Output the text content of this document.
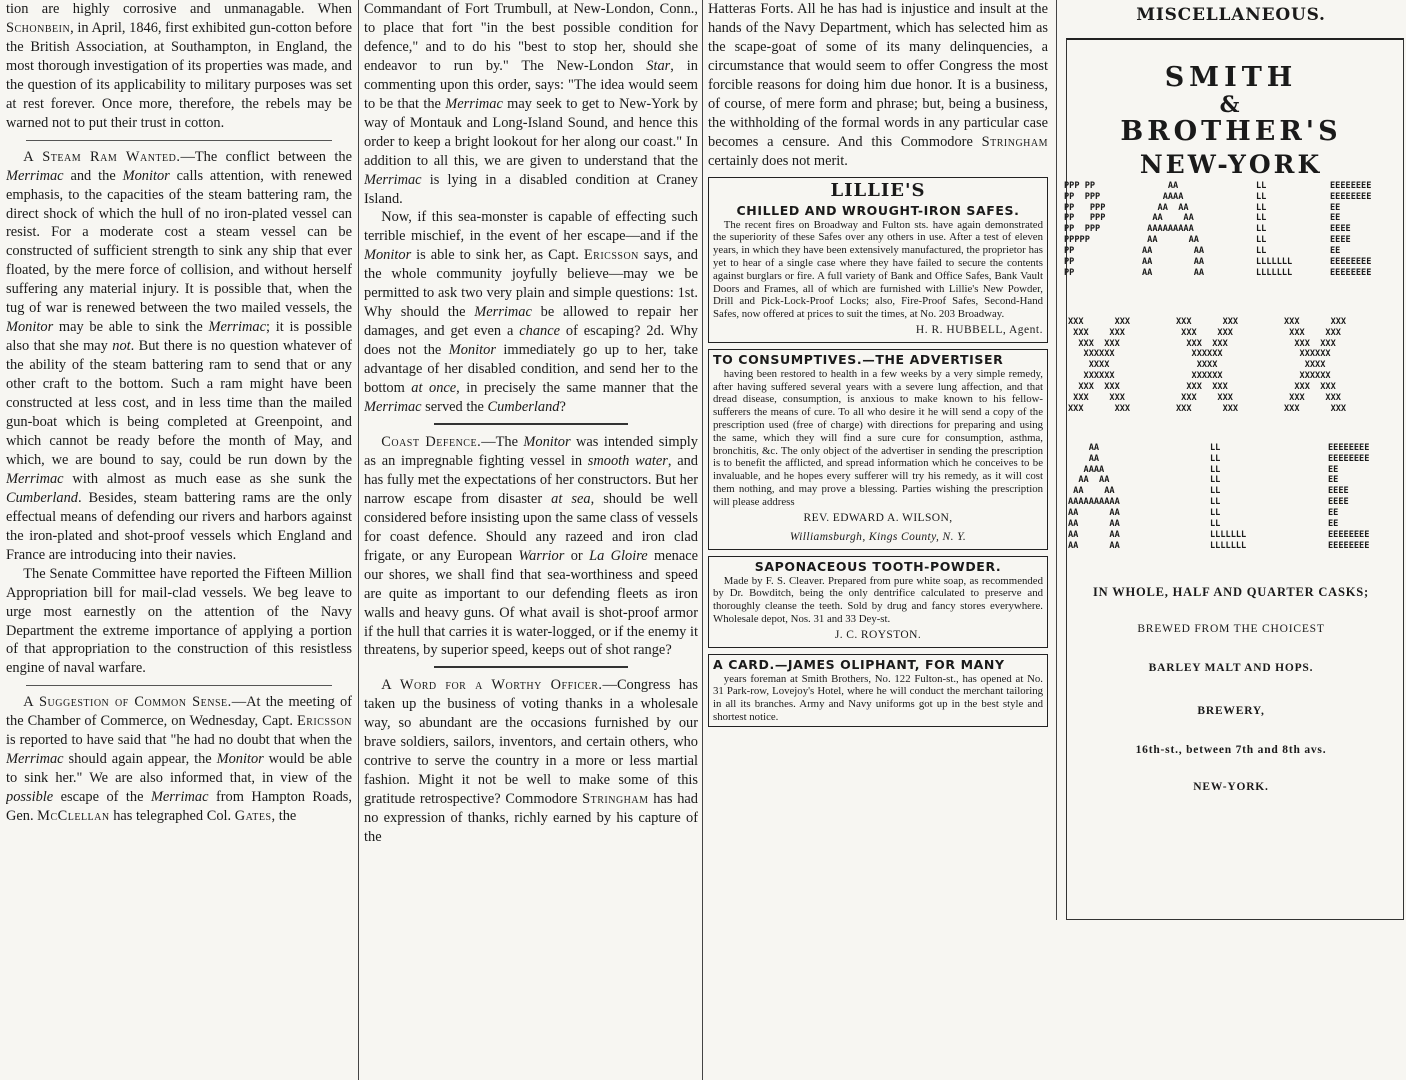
tion are highly corrosive and unmanagable. When Schonbein, in April, 1846, first exhibited gun-cotton before the British Association, at Southampton, in England, the most thorough investigation of its properties was made, and the question of its applicability to military purposes was set at rest forever. Once more, therefore, the rebels may be warned not to put their trust in cotton.

A Steam Ram Wanted.—The conflict between the Merrimac and the Monitor calls attention, with renewed emphasis, to the capacities of the steam battering ram, the direct shock of which the hull of no iron-plated vessel can resist. For a moderate cost a steam vessel can be constructed of sufficient strength to sink any ship that ever floated, by the mere force of collision, and without herself suffering any material injury. It is possible that, when the tug of war is renewed between the two mailed vessels, the Monitor may be able to sink the Merrimac; it is possible also that she may not. But there is no question whatever of the ability of the steam battering ram to send that or any other craft to the bottom. Such a ram might have been constructed at less cost, and in less time than the mailed gun-boat which is being completed at Greenpoint, and which cannot be ready before the month of May, and which, we are bound to say, could be run down by the Merrimac with almost as much ease as she sunk the Cumberland. Besides, steam battering rams are the only effectual means of defending our rivers and harbors against the iron-plated and shot-proof vessels which England and France are introducing into their navies.

The Senate Committee have reported the Fifteen Million Appropriation bill for mail-clad vessels. We beg leave to urge most earnestly on the attention of the Navy Department the extreme importance of applying a portion of that appropriation to the construction of this resistless engine of naval warfare.

A Suggestion of Common Sense.—At the meeting of the Chamber of Commerce, on Wednesday, Capt. Ericsson is reported to have said that "he had no doubt that when the Merrimac should again appear, the Monitor would be able to sink her." We are also informed that, in view of the possible escape of the Merrimac from Hampton Roads, Gen. McClellan has telegraphed Col. Gates, the

Commandant of Fort Trumbull, at New-London, Conn., to place that fort "in the best possible condition for defence," and to do his "best to stop her, should she endeavor to run by." The New-London Star, in commenting upon this order, says: "The idea would seem to be that the Merrimac may seek to get to New-York by way of Montauk and Long-Island Sound, and hence this order to keep a bright lookout for her along our coast." In addition to all this, we are given to understand that the Merrimac is lying in a disabled condition at Craney Island.

Now, if this sea-monster is capable of effecting such terrible mischief, in the event of her escape—and if the Monitor is able to sink her, as Capt. Ericsson says, and the whole community joyfully believe—may we be permitted to ask two very plain and simple questions: 1st. Why should the Merrimac be allowed to repair her damages, and get even a chance of escaping? 2d. Why does not the Monitor immediately go up to her, take advantage of her disabled condition, and send her to the bottom at once, in precisely the same manner that the Merrimac served the Cumberland?

Coast Defence.—The Monitor was intended simply as an impregnable fighting vessel in smooth water, and has fully met the expectations of her constructors. But her narrow escape from disaster at sea, should be well considered before insisting upon the same class of vessels for coast defence. Should any razeed and iron clad frigate, or any European Warrior or La Gloire menace our shores, we shall find that sea-worthiness and speed are quite as important to our defending fleets as iron walls and heavy guns. Of what avail is shot-proof armor if the hull that carries it is water-logged, or if the enemy it threatens, by superior speed, keeps out of shot range?

A Word for a Worthy Officer.—Congress has taken up the business of voting thanks in a wholesale way, so abundant are the occasions furnished by our brave soldiers, sailors, inventors, and certain others, who contrive to serve the country in a more or less martial fashion. Might it not be well to make some of this gratitude retrospective? Commodore Stringham has had no expression of thanks, richly earned by his capture of the

Hatteras Forts. All he has had is injustice and insult at the hands of the Navy Department, which has selected him as the scape-goat of some of its many delinquencies, a circumstance that would seem to offer Congress the most forcible reasons for doing him due honor. It is a business, of course, of mere form and phrase; but, being a business, the withholding of the formal words in any particular case becomes a censure. And this Commodore Stringham certainly does not merit.

LILLIE'S
CHILLED AND WROUGHT-IRON SAFES.

The recent fires on Broadway and Fulton sts. have again demonstrated the superiority of these Safes over any others in use. After a test of eleven years, in which they have been extensively manufactured, the proprietor has yet to hear of a single case where they have failed to secure the contents against burglars or fire. A full variety of Bank and Office Safes, Bank Vault Doors and Frames, all of which are furnished with Lillie's New Powder, Drill and Pick-Lock-Proof Locks; also, Fire-Proof Safes, Second-Hand Safes, now offered at prices to suit the times, at No. 203 Broadway.

H. R. HUBBELL, Agent.
TO CONSUMPTIVES.—THE ADVERTISER

having been restored to health in a few weeks by a very simple remedy, after having suffered several years with a severe lung affection, and that dread disease, consumption, is anxious to make known to his fellow-sufferers the means of cure. To all who desire it he will send a copy of the prescription used (free of charge) with directions for preparing and using the same, which they will find a sure cure for consumption, asthma, bronchitis, &c. The only object of the advertiser in sending the prescription is to benefit the afflicted, and spread information which he conceives to be invaluable, and he hopes every sufferer will try his remedy, as it will cost them nothing, and may prove a blessing. Parties wishing the prescription will please address

REV. EDWARD A. WILSON,
Williamsburgh, Kings County, N. Y.
SAPONACEOUS TOOTH-POWDER.

Made by F. S. Cleaver. Prepared from pure white soap, as recommended by Dr. Bowditch, being the only dentrifice calculated to preserve and thoroughly cleanse the teeth. Sold by drug and fancy stores everywhere. Wholesale depot, Nos. 31 and 33 Dey-st.

J. C. ROYSTON.
A CARD.—JAMES OLIPHANT, FOR MANY

years foreman at Smith Brothers, No. 122 Fulton-st., has opened at No. 31 Park-row, Lovejoy's Hotel, where he will conduct the merchant tailoring in all its branches. Army and Navy uniforms got up in the best style and shortest notice.

MISCELLANEOUS.
SMITH
&
BROTHER'S
NEW-YORK
PPP PP
PP  PPP
PP   PPP
PP   PPP
PP  PPP
PPPPP
PP
PP
PP
AA
AAAA
AA  AA
AA    AA
AAAAAAAAA
AA      AA
AA        AA
AA        AA
AA        AA
LL
LL
LL
LL
LL
LL
LL
LLLLLLL
LLLLLLL
EEEEEEEE
EEEEEEEE
EE
EE
EEEE
EEEE
EE
EEEEEEEE
EEEEEEEE
XXX      XXX
XXX    XXX
XXX  XXX
XXXXXX
XXXX
XXXXXX
XXX  XXX
XXX    XXX
XXX      XXX
XXX      XXX
XXX    XXX
XXX  XXX
XXXXXX
XXXX
XXXXXX
XXX  XXX
XXX    XXX
XXX      XXX
XXX      XXX
XXX    XXX
XXX  XXX
XXXXXX
XXXX
XXXXXX
XXX  XXX
XXX    XXX
XXX      XXX
AA
AA
AAAA
AA  AA
AA    AA
AAAAAAAAAA
AA      AA
AA      AA
AA      AA
AA      AA
LL
LL
LL
LL
LL
LL
LL
LL
LLLLLLL
LLLLLLL
EEEEEEEE
EEEEEEEE
EE
EE
EEEE
EEEE
EE
EE
EEEEEEEE
EEEEEEEE
IN WHOLE, HALF AND QUARTER CASKS;
BREWED FROM THE CHOICEST
BARLEY MALT AND HOPS.
BREWERY,
16th-st., between 7th and 8th avs.
NEW-YORK.
